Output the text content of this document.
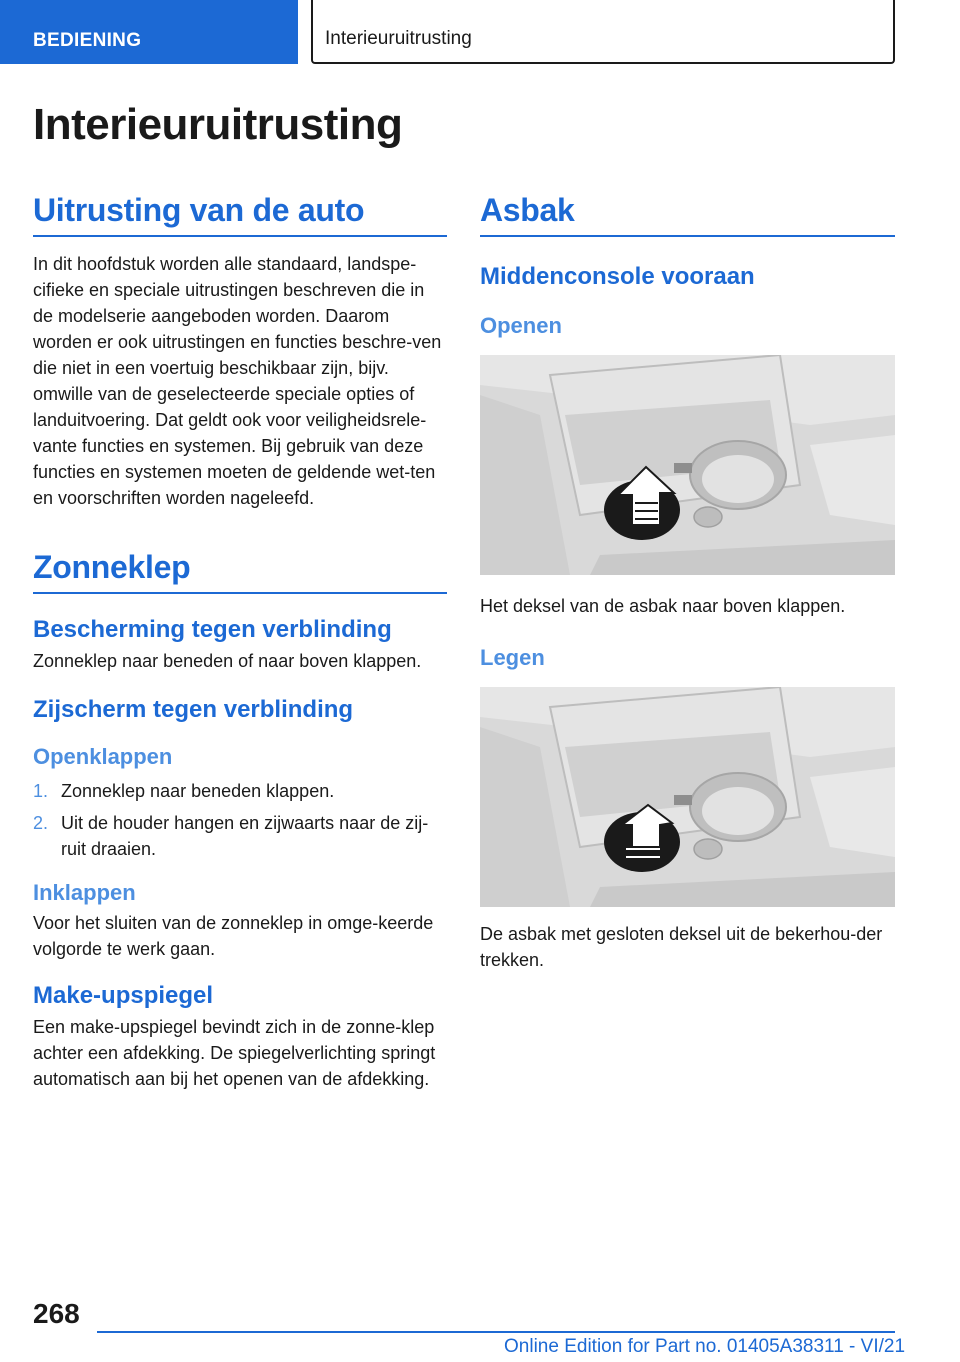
BEDIENING	Interieuruitrusting
Interieuruitrusting
Uitrusting van de auto

In dit hoofdstuk worden alle standaard, landspe-cifieke en speciale uitrustingen beschreven die in de modelserie aangeboden worden. Daarom worden er ook uitrustingen en functies beschre-ven die niet in een voertuig beschikbaar zijn, bijv. omwille van de geselecteerde speciale opties of landuitvoering. Dat geldt ook voor veiligheidsrele-vante functies en systemen. Bij gebruik van deze functies en systemen moeten de geldende wet-ten en voorschriften worden nageleefd.

Zonneklep
Bescherming tegen verblinding

Zonneklep naar beneden of naar boven klappen.

Zijscherm tegen verblinding
Openklappen
1. Zonneklep naar beneden klappen.
2. Uit de houder hangen en zijwaarts naar de zij-ruit draaien.
Inklappen

Voor het sluiten van de zonneklep in omge-keerde volgorde te werk gaan.

Make-upspiegel

Een make-upspiegel bevindt zich in de zonne-klep achter een afdekking. De spiegelverlichting springt automatisch aan bij het openen van de afdekking.

Asbak
Middenconsole vooraan
Openen

Het deksel van de asbak naar boven klappen.

Legen

De asbak met gesloten deksel uit de bekerhou-der trekken.

268
Online Edition for Part no. 01405A38311 - VI/21
